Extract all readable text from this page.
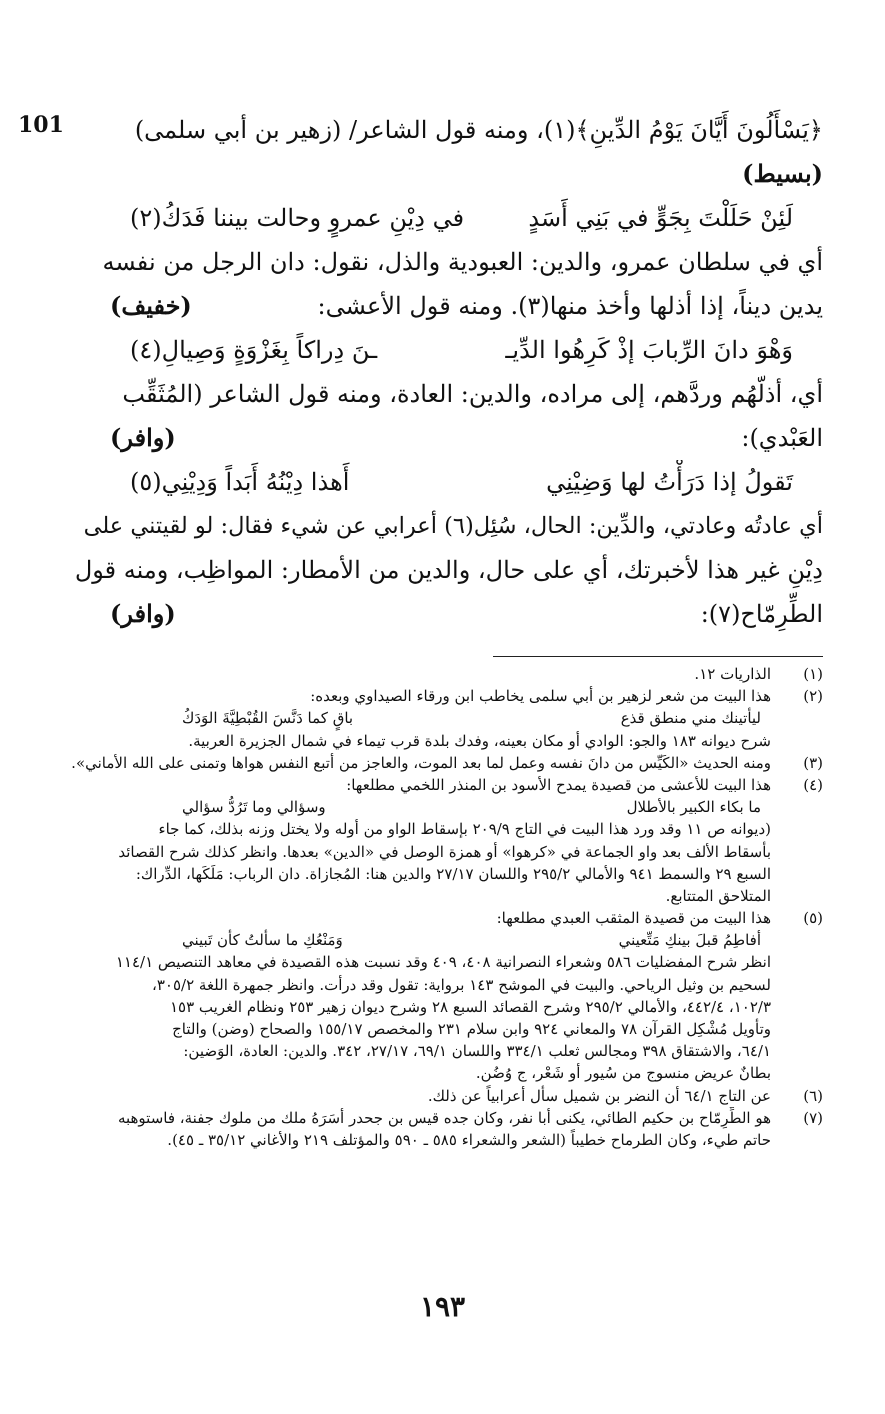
101	﴿يَسْأَلُونَ أَيَّانَ يَوْمُ الدِّينِ﴾(١)، ومنه قول الشاعر/ (زهير بن أبي سلمى)
(بسيط)
لَئِنْ حَلَلْتَ بِجَوٍّ في بَنِي أَسَدٍ
في دِيْنِ عمروٍ وحالت بيننا فَدَكُ(٢)
أي في سلطان عمرو، والدين: العبودية والذل، نقول: دان الرجل من نفسه
يدين ديناً، إذا أذلها وأخذ منها(٣). ومنه قول الأعشى:
(خفيف)
وَهْوَ دانَ الرِّبابَ إذْ كَرِهُوا الدِّيـ
ـنَ دِراكاً بِغَزْوَةٍ وَصِيالِ(٤)
أي، أذلّهُم وردَّهم، إلى مراده، والدين: العادة، ومنه قول الشاعر (المُثَقِّب
العَبْدي):
(وافر)
تَقولُ إذا دَرَأْتُ لها وَضِيْنِي
أَهذا دِيْنُهُ أَبَداً وَدِيْنِي(٥)
أي عادتُه وعادتي، والدِّين: الحال، سُئِل(٦) أعرابي عن شيء فقال: لو لقيتني على
دِيْنِ غير هذا لأخبرتك، أي على حال، والدين من الأمطار: المواظِب، ومنه قول
الطِّرِمّاح(٧):
(وافر)
(١)
الذاريات ١٢.
(٢)
هذا البيت من شعر لزهير بن أبي سلمى يخاطب ابن ورقاء الصيداوي وبعده:
ليأتينك مني منطق قذع
باقٍ كما دَنَّسَ القُبْطِيَّةَ الوَدَكُ
شرح ديوانه ١٨٣ والجو: الوادي أو مكان بعينه، وفدك بلدة قرب تيماء في شمال الجزيرة العربية.
(٣)
ومنه الحديث «الكَيِّس من دانَ نفسه وعمل لما بعد الموت، والعاجز من أتبع النفس هواها وتمنى على الله الأماني».
(٤)
هذا البيت للأعشى من قصيدة يمدح الأسود بن المنذر اللخمي مطلعها:
ما بكاء الكبير بالأطلال
وسؤالي وما تَرُدُّ سؤالي
(ديوانه ص ١١ وقد ورد هذا البيت في التاج ٢٠٩/٩ بإسقاط الواو من أوله ولا يختل وزنه بذلك، كما جاء
بأسقاط الألف بعد واو الجماعة في «كرهوا» أو همزة الوصل في «الدين» بعدها. وانظر كذلك شرح القصائد
السبع ٢٩ والسمط ٩٤١ والأمالي ٢٩٥/٢ واللسان ٢٧/١٧ والدين هنا: المُجازاة. دان الرباب: مَلَكَها، الدِّراك:
المتلاحق المتتابع.
(٥)
هذا البيت من قصيدة المثقب العبدي مطلعها:
أفاطِمُ قبلَ بينكِ مَتِّعيني
وَمَنْعُكِ ما سألتُ كأن تَبيني
انظر شرح المفضليات ٥٨٦ وشعراء النصرانية ٤٠٨، ٤٠٩ وقد نسبت هذه القصيدة في معاهد التنصيص ١١٤/١
لسحيم بن وثيل الرياحي. والبيت في الموشح ١٤٣ برواية: تقول وقد درأت. وانظر جمهرة اللغة ٣٠٥/٢،
١٠٢/٣، ٤٤٢/٤، والأمالي ٢٩٥/٢ وشرح القصائد السبع ٢٨ وشرح ديوان زهير ٢٥٣ ونظام الغريب ١٥٣
وتأويل مُشْكِل القرآن ٧٨ والمعاني ٩٢٤ وابن سلام ٢٣١ والمخصص ١٥٥/١٧ والصحاح (وضن) والتاج
٦٤/١، والاشتقاق ٣٩٨ ومجالس ثعلب ٣٣٤/١ واللسان ٦٩/١، ٢٧/١٧، ٣٤٢. والدين: العادة، الوَضين:
بطانٌ عريض منسوج من سُيور أو شَعْر، ج وُضُن.
(٦)
عن التاج ٦٤/١ أن النضر بن شميل سأل أعرابياً عن ذلك.
(٧)
هو الطِّرِمّاح بن حكيم الطائي، يكنى أبا نفر، وكان جده قيس بن جحدر أسَرَهُ ملك من ملوك جفنة، فاستوهبه
حاتم طيء، وكان الطرماح خطيباً (الشعر والشعراء ٥٨٥ ـ ٥٩٠ والمؤتلف ٢١٩ والأغاني ٣٥/١٢ ـ ٤٥).
١٩٣
